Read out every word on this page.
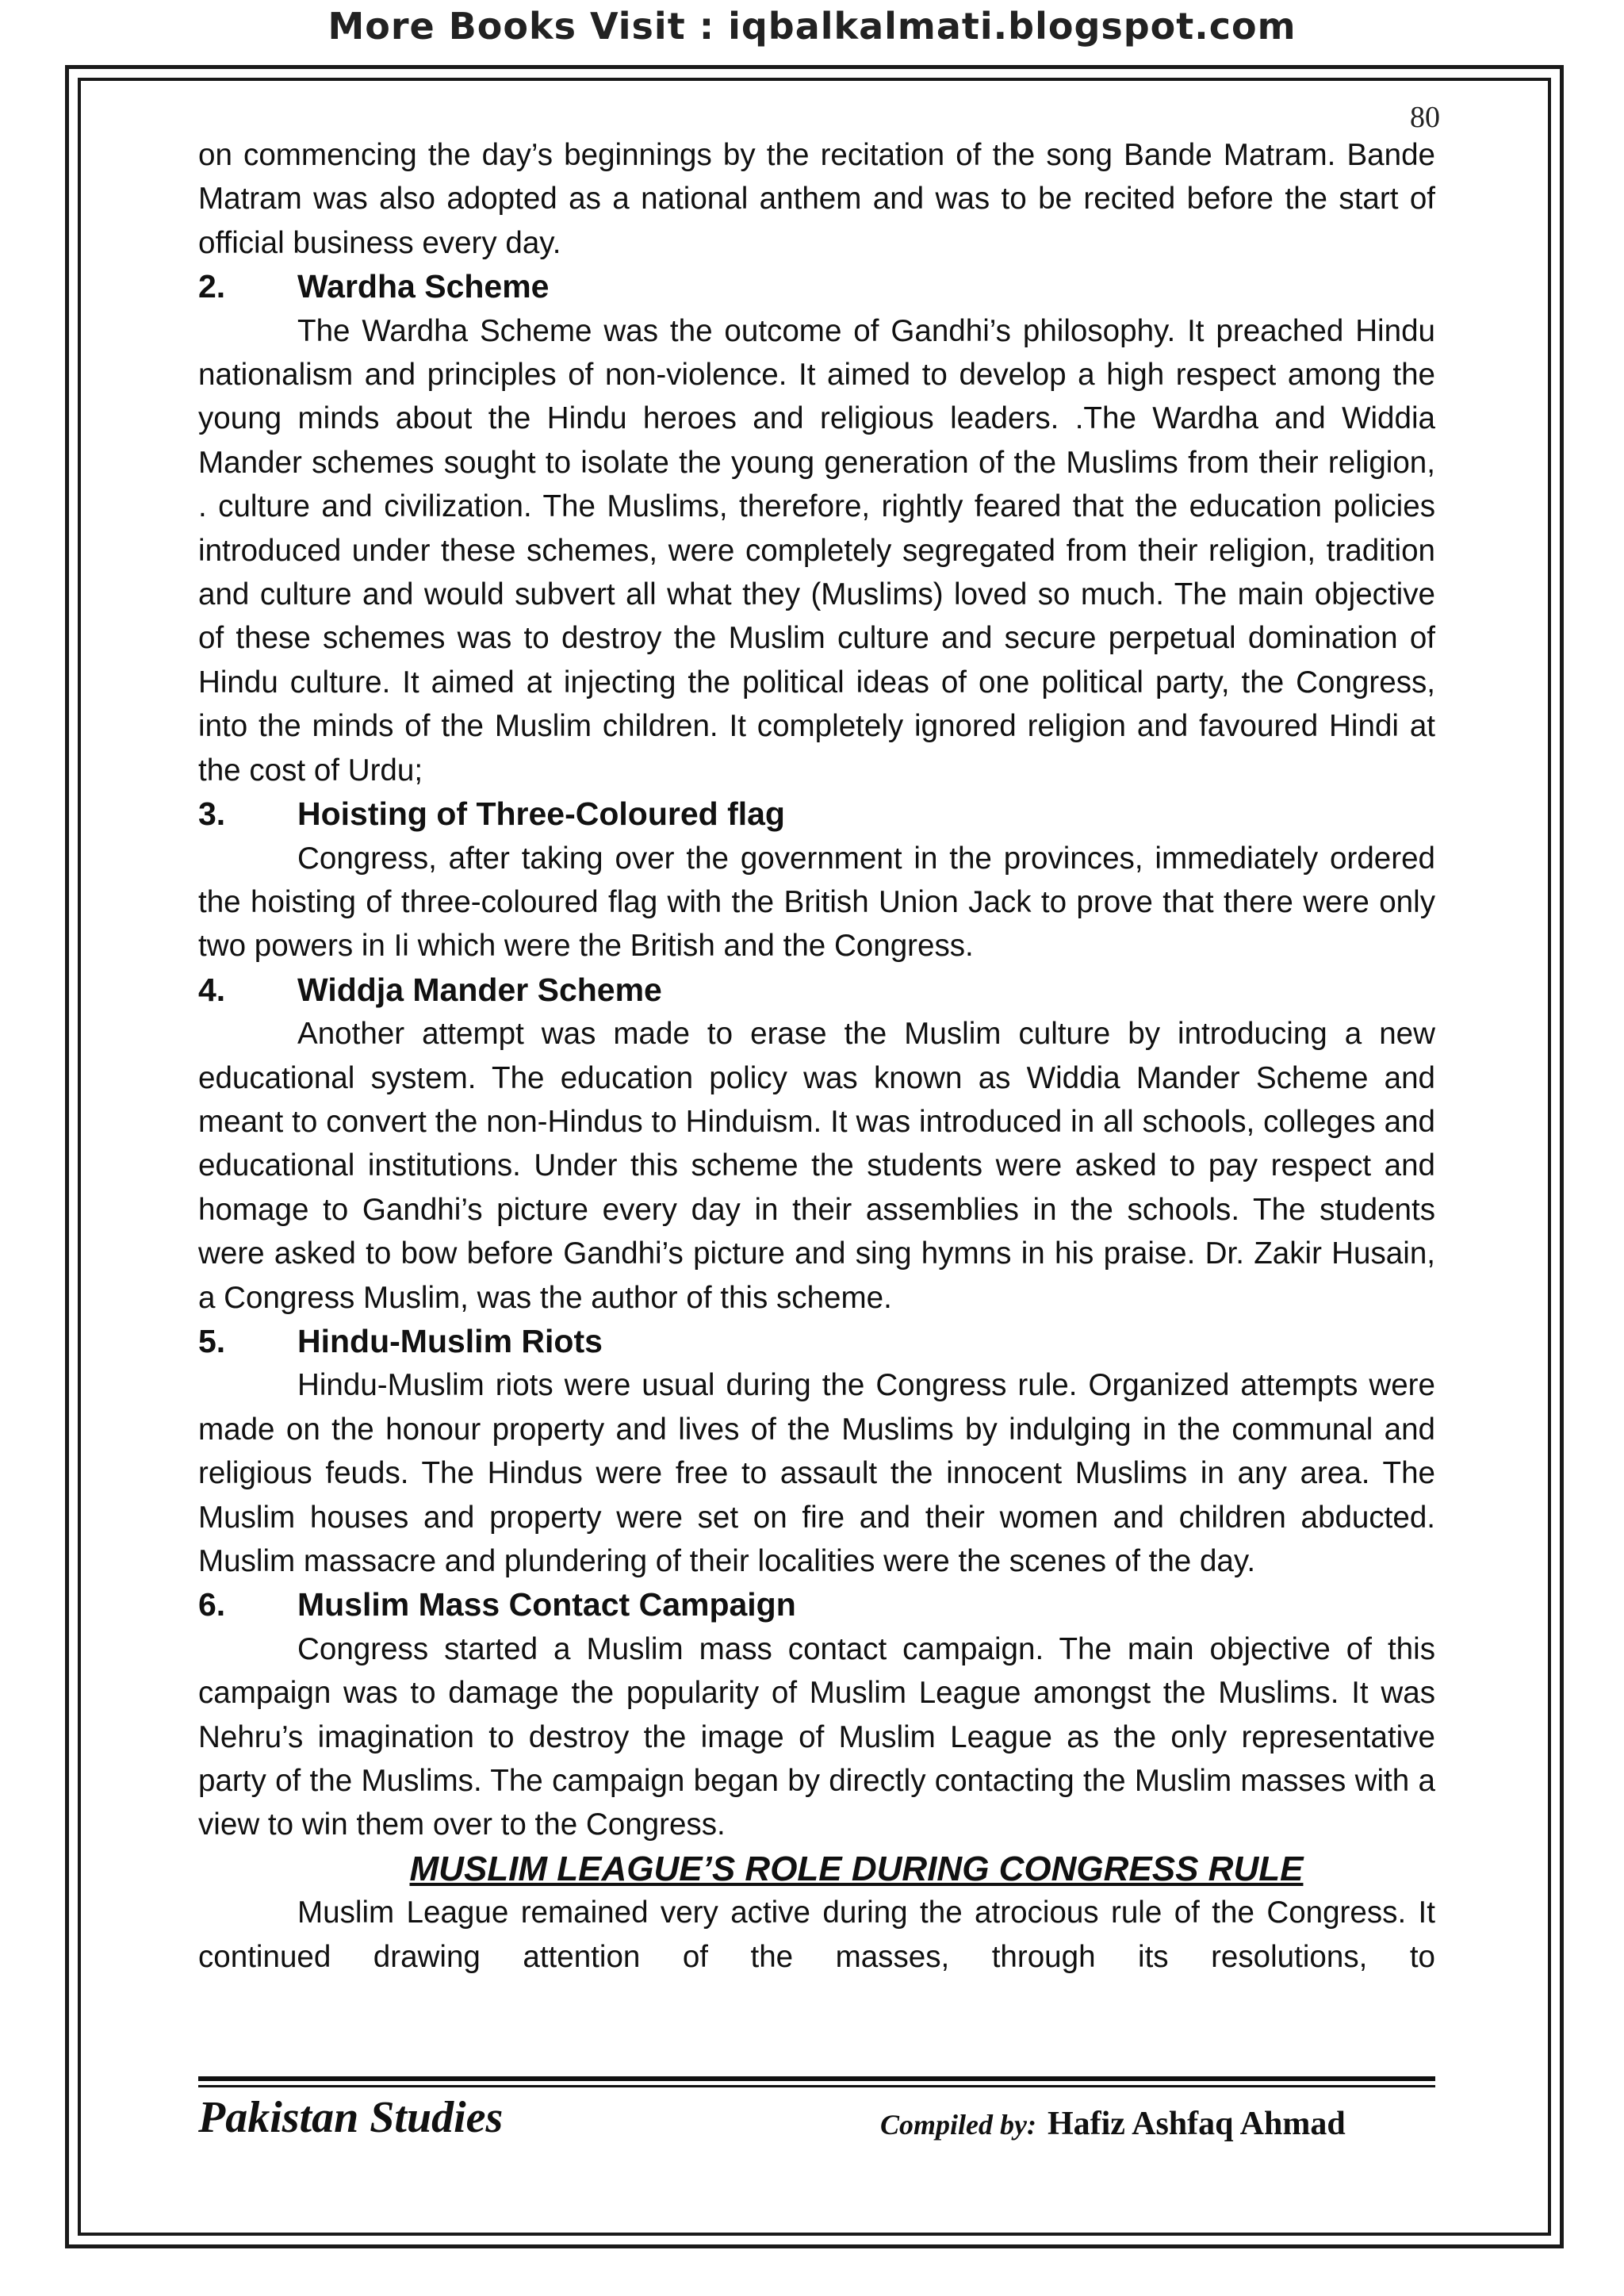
More Books Visit : iqbalkalmati.blogspot.com
80

on commencing the day’s beginnings by the recitation of the song Bande Matram. Bande Matram was also adopted as a national anthem and was to be recited before the start of official business every day.

2. Wardha Scheme

The Wardha Scheme was the outcome of Gandhi’s philosophy. It preached Hindu nationalism and principles of non-violence. It aimed to develop a high respect among the young minds about the Hindu heroes and religious leaders. .The Wardha and Widdia Mander schemes sought to isolate the young generation of the Muslims from their religion, . culture and civilization. The Muslims, therefore, rightly feared that the education policies introduced under these schemes, were completely segregated from their religion, tradition and culture and would subvert all what they (Muslims) loved so much. The main objective of these schemes was to destroy the Muslim culture and secure perpetual domination of Hindu culture. It aimed at injecting the political ideas of one political party, the Congress, into the minds of the Muslim children. It completely ignored religion and favoured Hindi at the cost of Urdu;

3. Hoisting of Three-Coloured flag

Congress, after taking over the government in the provinces, immediately ordered the hoisting of three-coloured flag with the British Union Jack to prove that there were only two powers in Ii which were the British and the Congress.

4. Widdja Mander Scheme

Another attempt was made to erase the Muslim culture by introducing a new educational system. The education policy was known as Widdia Mander Scheme and meant to convert the non-Hindus to Hinduism. It was introduced in all schools, colleges and educational institutions. Under this scheme the students were asked to pay respect and homage to Gandhi’s picture every day in their assemblies in the schools. The students were asked to bow before Gandhi’s picture and sing hymns in his praise. Dr. Zakir Husain, a Congress Muslim, was the author of this scheme.

5. Hindu-Muslim Riots

Hindu-Muslim riots were usual during the Congress rule. Organized attempts were made on the honour property and lives of the Muslims by indulging in the communal and religious feuds. The Hindus were free to assault the innocent Muslims in any area. The Muslim houses and property were set on fire and their women and children abducted. Muslim massacre and plundering of their localities were the scenes of the day.

6. Muslim Mass Contact Campaign

Congress started a Muslim mass contact campaign. The main objective of this campaign was to damage the popularity of Muslim League amongst the Muslims. It was Nehru’s imagination to destroy the image of Muslim League as the only representative party of the Muslims. The campaign began by directly contacting the Muslim masses with a view to win them over to the Congress.

MUSLIM LEAGUE’S ROLE DURING CONGRESS RULE

Muslim League remained very active during the atrocious rule of the Congress. It continued drawing attention of the masses, through its resolutions, to

Pakistan Studies	Compiled by: Hafiz Ashfaq Ahmad
